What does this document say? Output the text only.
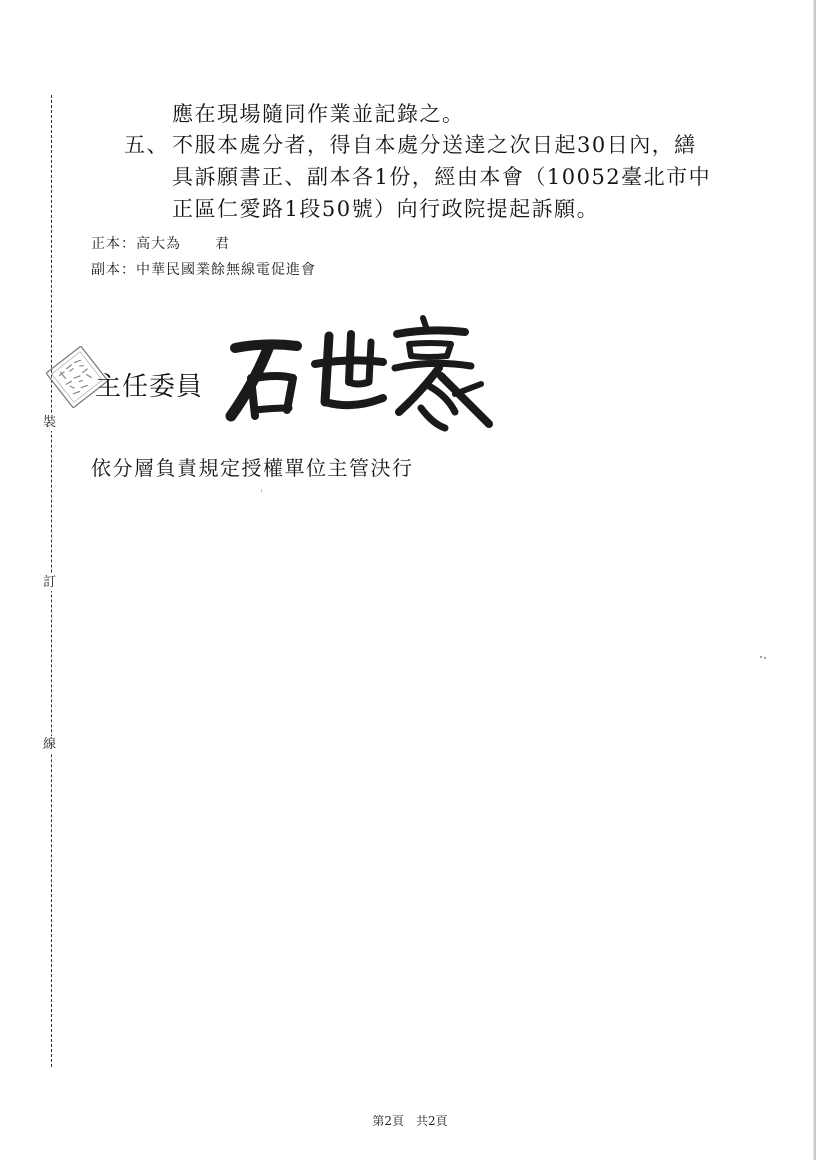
裝
訂
線
應在現場隨同作業並記錄之。
五、 不服本處分者，得自本處分送達之次日起30日內，繕
具訴願書正、副本各1份，經由本會（10052臺北市中
正區仁愛路1段50號）向行政院提起訴願。
正本：高大為 君
副本：中華民國業餘無線電促進會
主任委員
依分層負責規定授權單位主管決行
第2頁 共2頁
